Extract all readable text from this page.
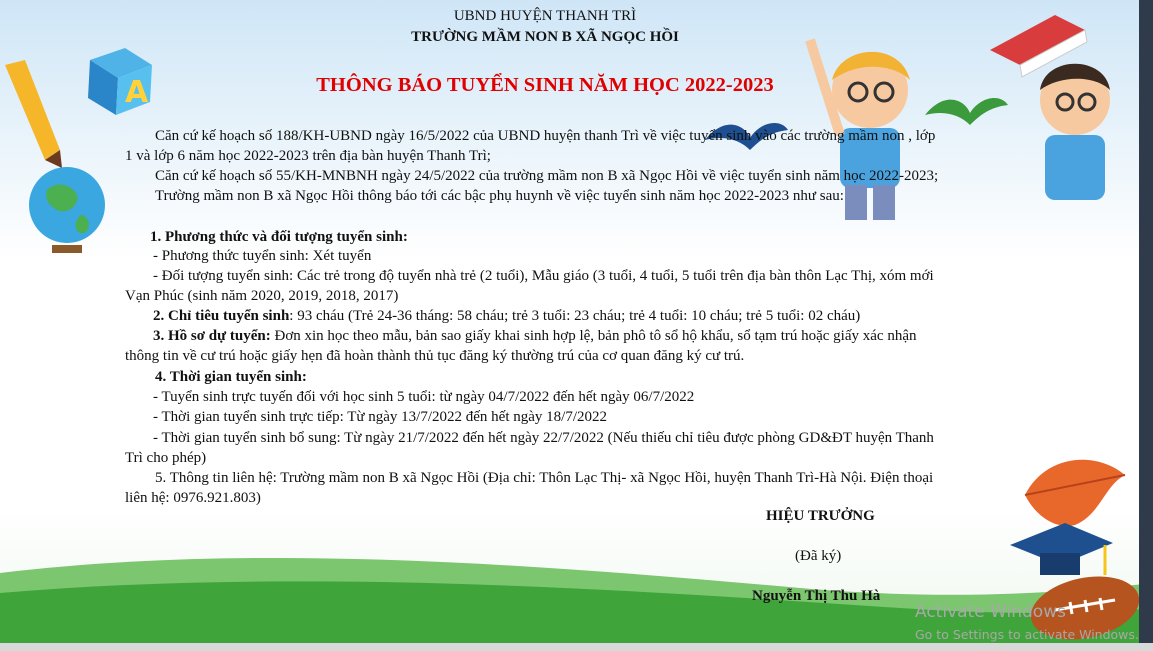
A
UBND HUYỆN THANH TRÌ
TRƯỜNG MẦM NON B XÃ NGỌC HỒI
THÔNG BÁO TUYỂN SINH NĂM HỌC 2022-2023
Căn cứ kế hoạch số 188/KH-UBND ngày 16/5/2022 của UBND huyện thanh Trì về việc tuyển sinh vào các trường mầm non , lớp
1 và lớp 6 năm học 2022-2023 trên địa bàn huyện Thanh Trì;
Căn cứ kế hoạch số 55/KH-MNBNH ngày 24/5/2022 của trường mầm non B xã Ngọc Hồi về việc tuyển sinh năm học 2022-2023;
Trường mầm non B xã Ngọc Hồi thông báo tới các bậc phụ huynh về việc tuyển sinh năm học 2022-2023 như sau:
1. Phương thức và đối tượng tuyển sinh:
- Phương thức tuyển sinh: Xét tuyển
- Đối tượng tuyển sinh: Các trẻ trong độ tuyển nhà trẻ (2 tuổi), Mẫu giáo (3 tuổi, 4 tuổi, 5 tuổi trên địa bàn thôn Lạc Thị, xóm mới
Vạn Phúc (sinh năm 2020, 2019, 2018, 2017)
2. Chỉ tiêu tuyển sinh: 93 cháu (Trẻ 24-36 tháng: 58 cháu; trẻ 3 tuổi: 23 cháu; trẻ 4 tuổi: 10 cháu; trẻ 5 tuổi: 02 cháu)
3. Hồ sơ dự tuyển: Đơn xin học theo mẫu, bản sao giấy khai sinh hợp lệ, bản phô tô sổ hộ khẩu, sổ tạm trú hoặc giấy xác nhận
thông tin về cư trú hoặc giấy hẹn đã hoàn thành thủ tục đăng ký thường trú của cơ quan đăng ký cư trú.
4. Thời gian tuyển sinh:
- Tuyển sinh trực tuyến đối với học sinh 5 tuổi: từ ngày 04/7/2022 đến hết ngày 06/7/2022
- Thời gian tuyển sinh trực tiếp: Từ ngày 13/7/2022 đến hết ngày 18/7/2022
- Thời gian tuyển sinh bổ sung: Từ ngày 21/7/2022 đến hết ngày 22/7/2022 (Nếu thiếu chỉ tiêu được phòng GD&ĐT huyện Thanh
Trì cho phép)
5. Thông tin liên hệ: Trường mầm non B xã Ngọc Hồi (Địa chỉ: Thôn Lạc Thị- xã Ngọc Hồi, huyện Thanh Trì-Hà Nội. Điện thoại
liên hệ: 0976.921.803)
HIỆU TRƯỞNG
(Đã ký)
Nguyễn Thị Thu Hà
Activate Windows
Go to Settings to activate Windows.
